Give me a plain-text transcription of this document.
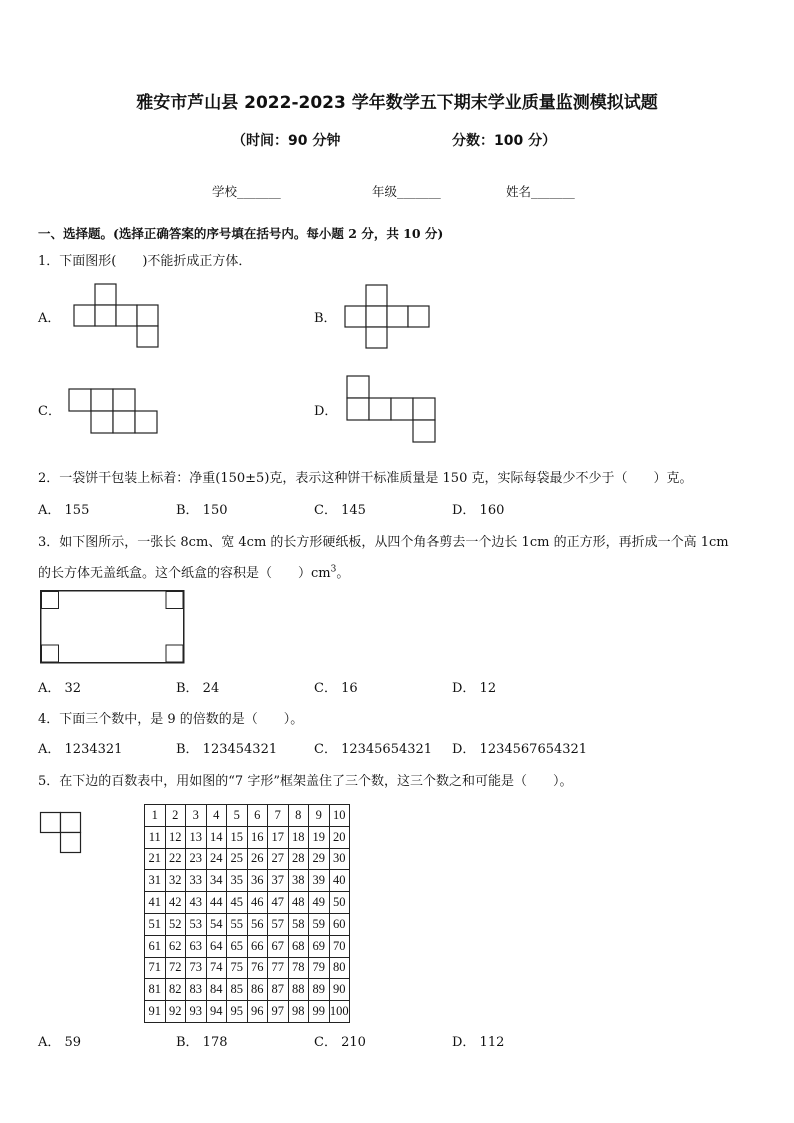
雅安市芦山县 2022-2023 学年数学五下期末学业质量监测模拟试题
（时间：90 分钟	分数：100 分）
学校_______	年级_______	姓名_______
一、选择题。(选择正确答案的序号填在括号内。每小题 2 分，共 10 分)
1．下面图形(　　)不能折成正方体．
A．	B．
C．	D．
2．一袋饼干包装上标着：净重(150±5)克，表示这种饼干标准质量是 150 克，实际每袋最少不少于（　　）克。
A． 155	B． 150	C． 145	D． 160
3．如下图所示，一张长 8cm、宽 4cm 的长方形硬纸板，从四个角各剪去一个边长 1cm 的正方形，再折成一个高 1cm
的长方体无盖纸盒。这个纸盒的容积是（　　）$cm^3$。
A． 32	B． 24	C． 16	D． 12
4．下面三个数中，是 9 的倍数的是（　　）。
A． 1234321	B． 123454321	C． 12345654321 D． 1234567654321
5．在下边的百数表中，用如图的“7 字形”框架盖住了三个数，这三个数之和可能是（　　）。
1	2	3	4	5	6	7	8	9	10
11	12	13	14	15	16	17	18	19	20
21	22	23	24	25	26	27	28	29	30
31	32	33	34	35	36	37	38	39	40
41	42	43	44	45	46	47	48	49	50
51	52	53	54	55	56	57	58	59	60
61	62	63	64	65	66	67	68	69	70
71	72	73	74	75	76	77	78	79	80
81	82	83	84	85	86	87	88	89	90
91	92	93	94	95	96	97	98	99	100
A． 59	B． 178	C． 210	D． 112
